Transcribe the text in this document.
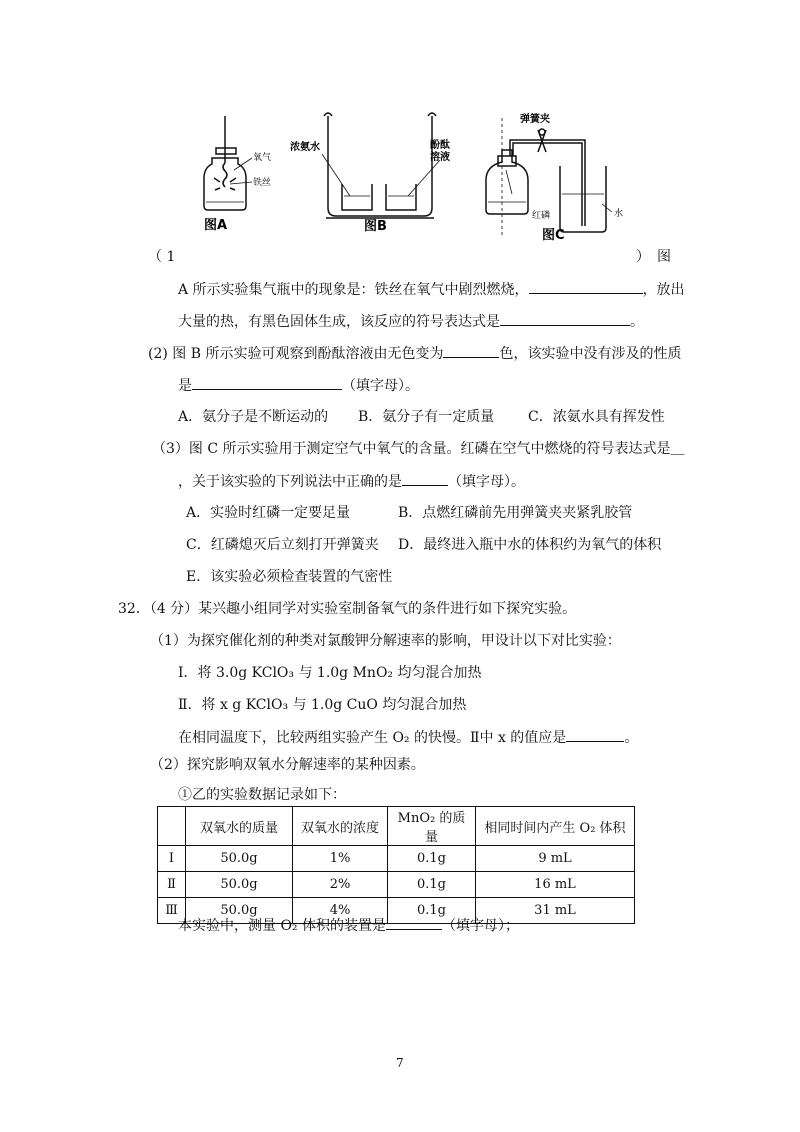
氧气
铁丝
图A
浓氨水	酚酞
溶液
图B
弹簧夹
红磷	水
图C
（ 1	）　图
A 所示实验集气瓶中的现象是：铁丝在氧气中剧烈燃烧，	，放出
大量的热，有黑色固体生成，该反应的符号表达式是	。
(2) 图 B 所示实验可观察到酚酞溶液由无色变为	色，该实验中没有涉及的性质
是	（填字母）。
A．氨分子是不断运动的 B．氨分子有一定质量 C．浓氨水具有挥发性
（3）图 C 所示实验用于测定空气中氧气的含量。红磷在空气中燃烧的符号表达式是＿
，关于该实验的下列说法中正确的是	（填字母）。
A．实验时红磷一定要足量	B．点燃红磷前先用弹簧夹夹紧乳胶管
C．红磷熄灭后立刻打开弹簧夹 D．最终进入瓶中水的体积约为氧气的体积
E．该实验必须检查装置的气密性
32．（4 分）某兴趣小组同学对实验室制备氧气的条件进行如下探究实验。
（1）为探究催化剂的种类对氯酸钾分解速率的影响，甲设计以下对比实验：
Ⅰ．将 3.0g KClO₃ 与 1.0g MnO₂ 均匀混合加热
Ⅱ．将 x g KClO₃ 与 1.0g CuO 均匀混合加热
在相同温度下，比较两组实验产生 O₂ 的快慢。Ⅱ中 x 的值应是	。
（2）探究影响双氧水分解速率的某种因素。
①乙的实验数据记录如下：
	双氧水的质量	双氧水的浓度	MnO₂ 的质量	相同时间内产生 O₂ 体积
Ⅰ	50.0g	1%	0.1g	9 mL
Ⅱ	50.0g	2%	0.1g	16 mL
Ⅲ	50.0g	4%	0.1g	31 mL
本实验中，测量 O₂ 体积的装置是	（填字母）；
7
